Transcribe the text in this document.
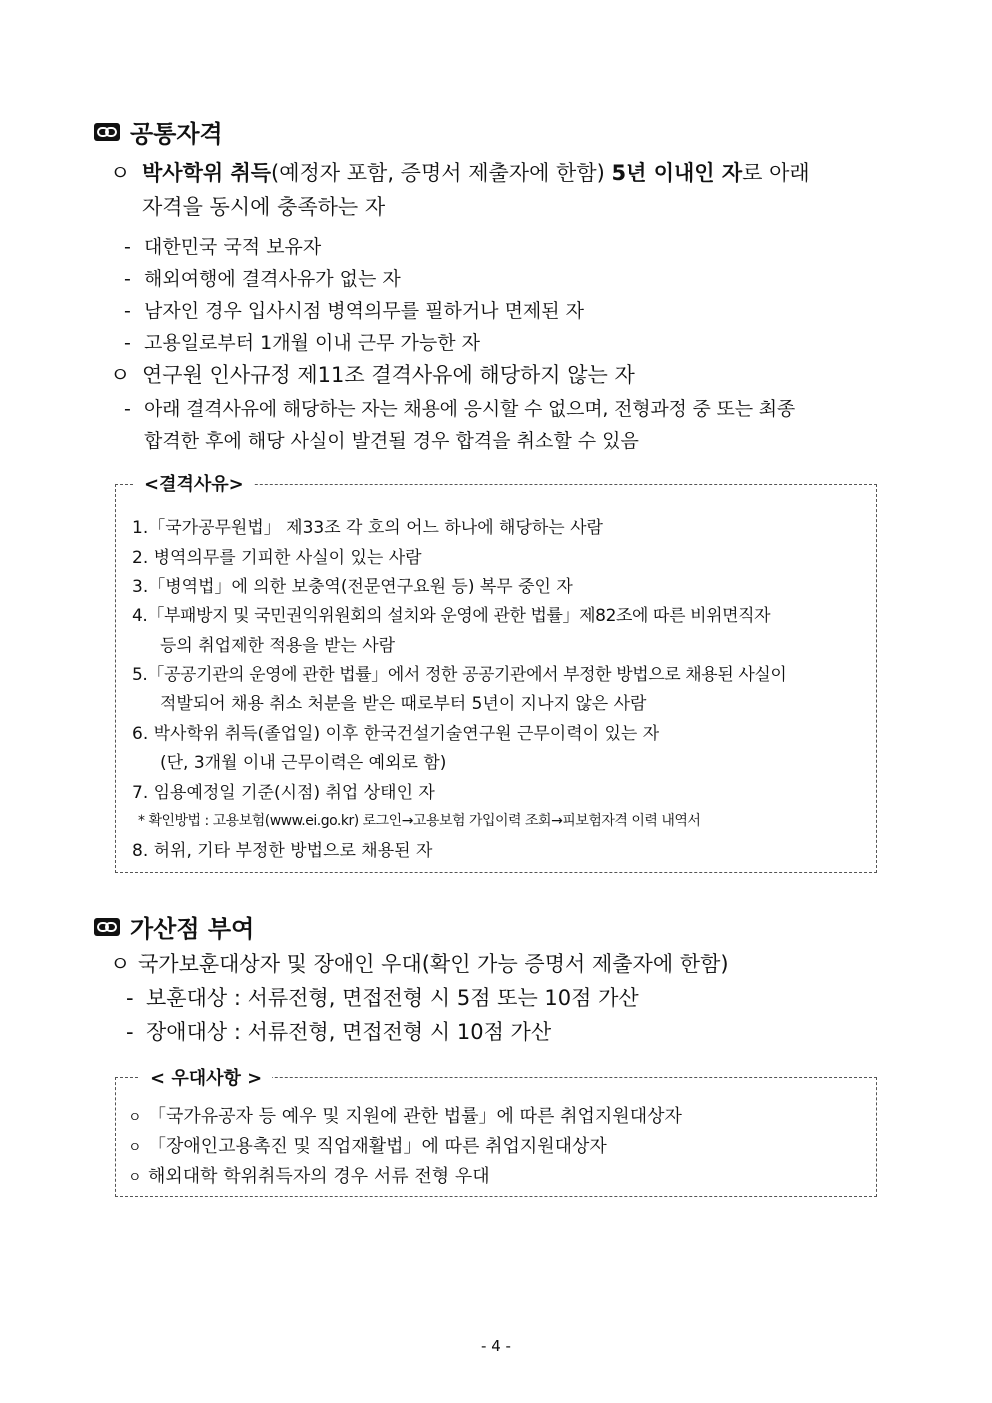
공통자격
ㅇ 박사학위 취득(예정자 포함, 증명서 제출자에 한함) 5년 이내인 자로 아래
자격을 동시에 충족하는 자
- 대한민국 국적 보유자
- 해외여행에 결격사유가 없는 자
- 남자인 경우 입사시점 병역의무를 필하거나 면제된 자
- 고용일로부터 1개월 이내 근무 가능한 자
ㅇ 연구원 인사규정 제11조 결격사유에 해당하지 않는 자
- 아래 결격사유에 해당하는 자는 채용에 응시할 수 없으며, 전형과정 중 또는 최종
합격한 후에 해당 사실이 발견될 경우 합격을 취소할 수 있음
<결격사유>
1.「국가공무원법」 제33조 각 호의 어느 하나에 해당하는 사람
2. 병역의무를 기피한 사실이 있는 사람
3.「병역법」에 의한 보충역(전문연구요원 등) 복무 중인 자
4.「부패방지 및 국민권익위원회의 설치와 운영에 관한 법률」제82조에 따른 비위면직자
등의 취업제한 적용을 받는 사람
5.「공공기관의 운영에 관한 법률」에서 정한 공공기관에서 부정한 방법으로 채용된 사실이
적발되어 채용 취소 처분을 받은 때로부터 5년이 지나지 않은 사람
6. 박사학위 취득(졸업일) 이후 한국건설기술연구원 근무이력이 있는 자
(단, 3개월 이내 근무이력은 예외로 함)
7. 임용예정일 기준(시점) 취업 상태인 자
* 확인방법 : 고용보험(www.ei.go.kr) 로그인→고용보험 가입이력 조회→피보험자격 이력 내역서
8. 허위, 기타 부정한 방법으로 채용된 자
가산점 부여
ㅇ 국가보훈대상자 및 장애인 우대(확인 가능 증명서 제출자에 한함)
- 보훈대상 : 서류전형, 면접전형 시 5점 또는 10점 가산
- 장애대상 : 서류전형, 면접전형 시 10점 가산
< 우대사항 >
ㅇ 「국가유공자 등 예우 및 지원에 관한 법률」에 따른 취업지원대상자
ㅇ 「장애인고용촉진 및 직업재활법」에 따른 취업지원대상자
ㅇ 해외대학 학위취득자의 경우 서류 전형 우대
- 4 -
